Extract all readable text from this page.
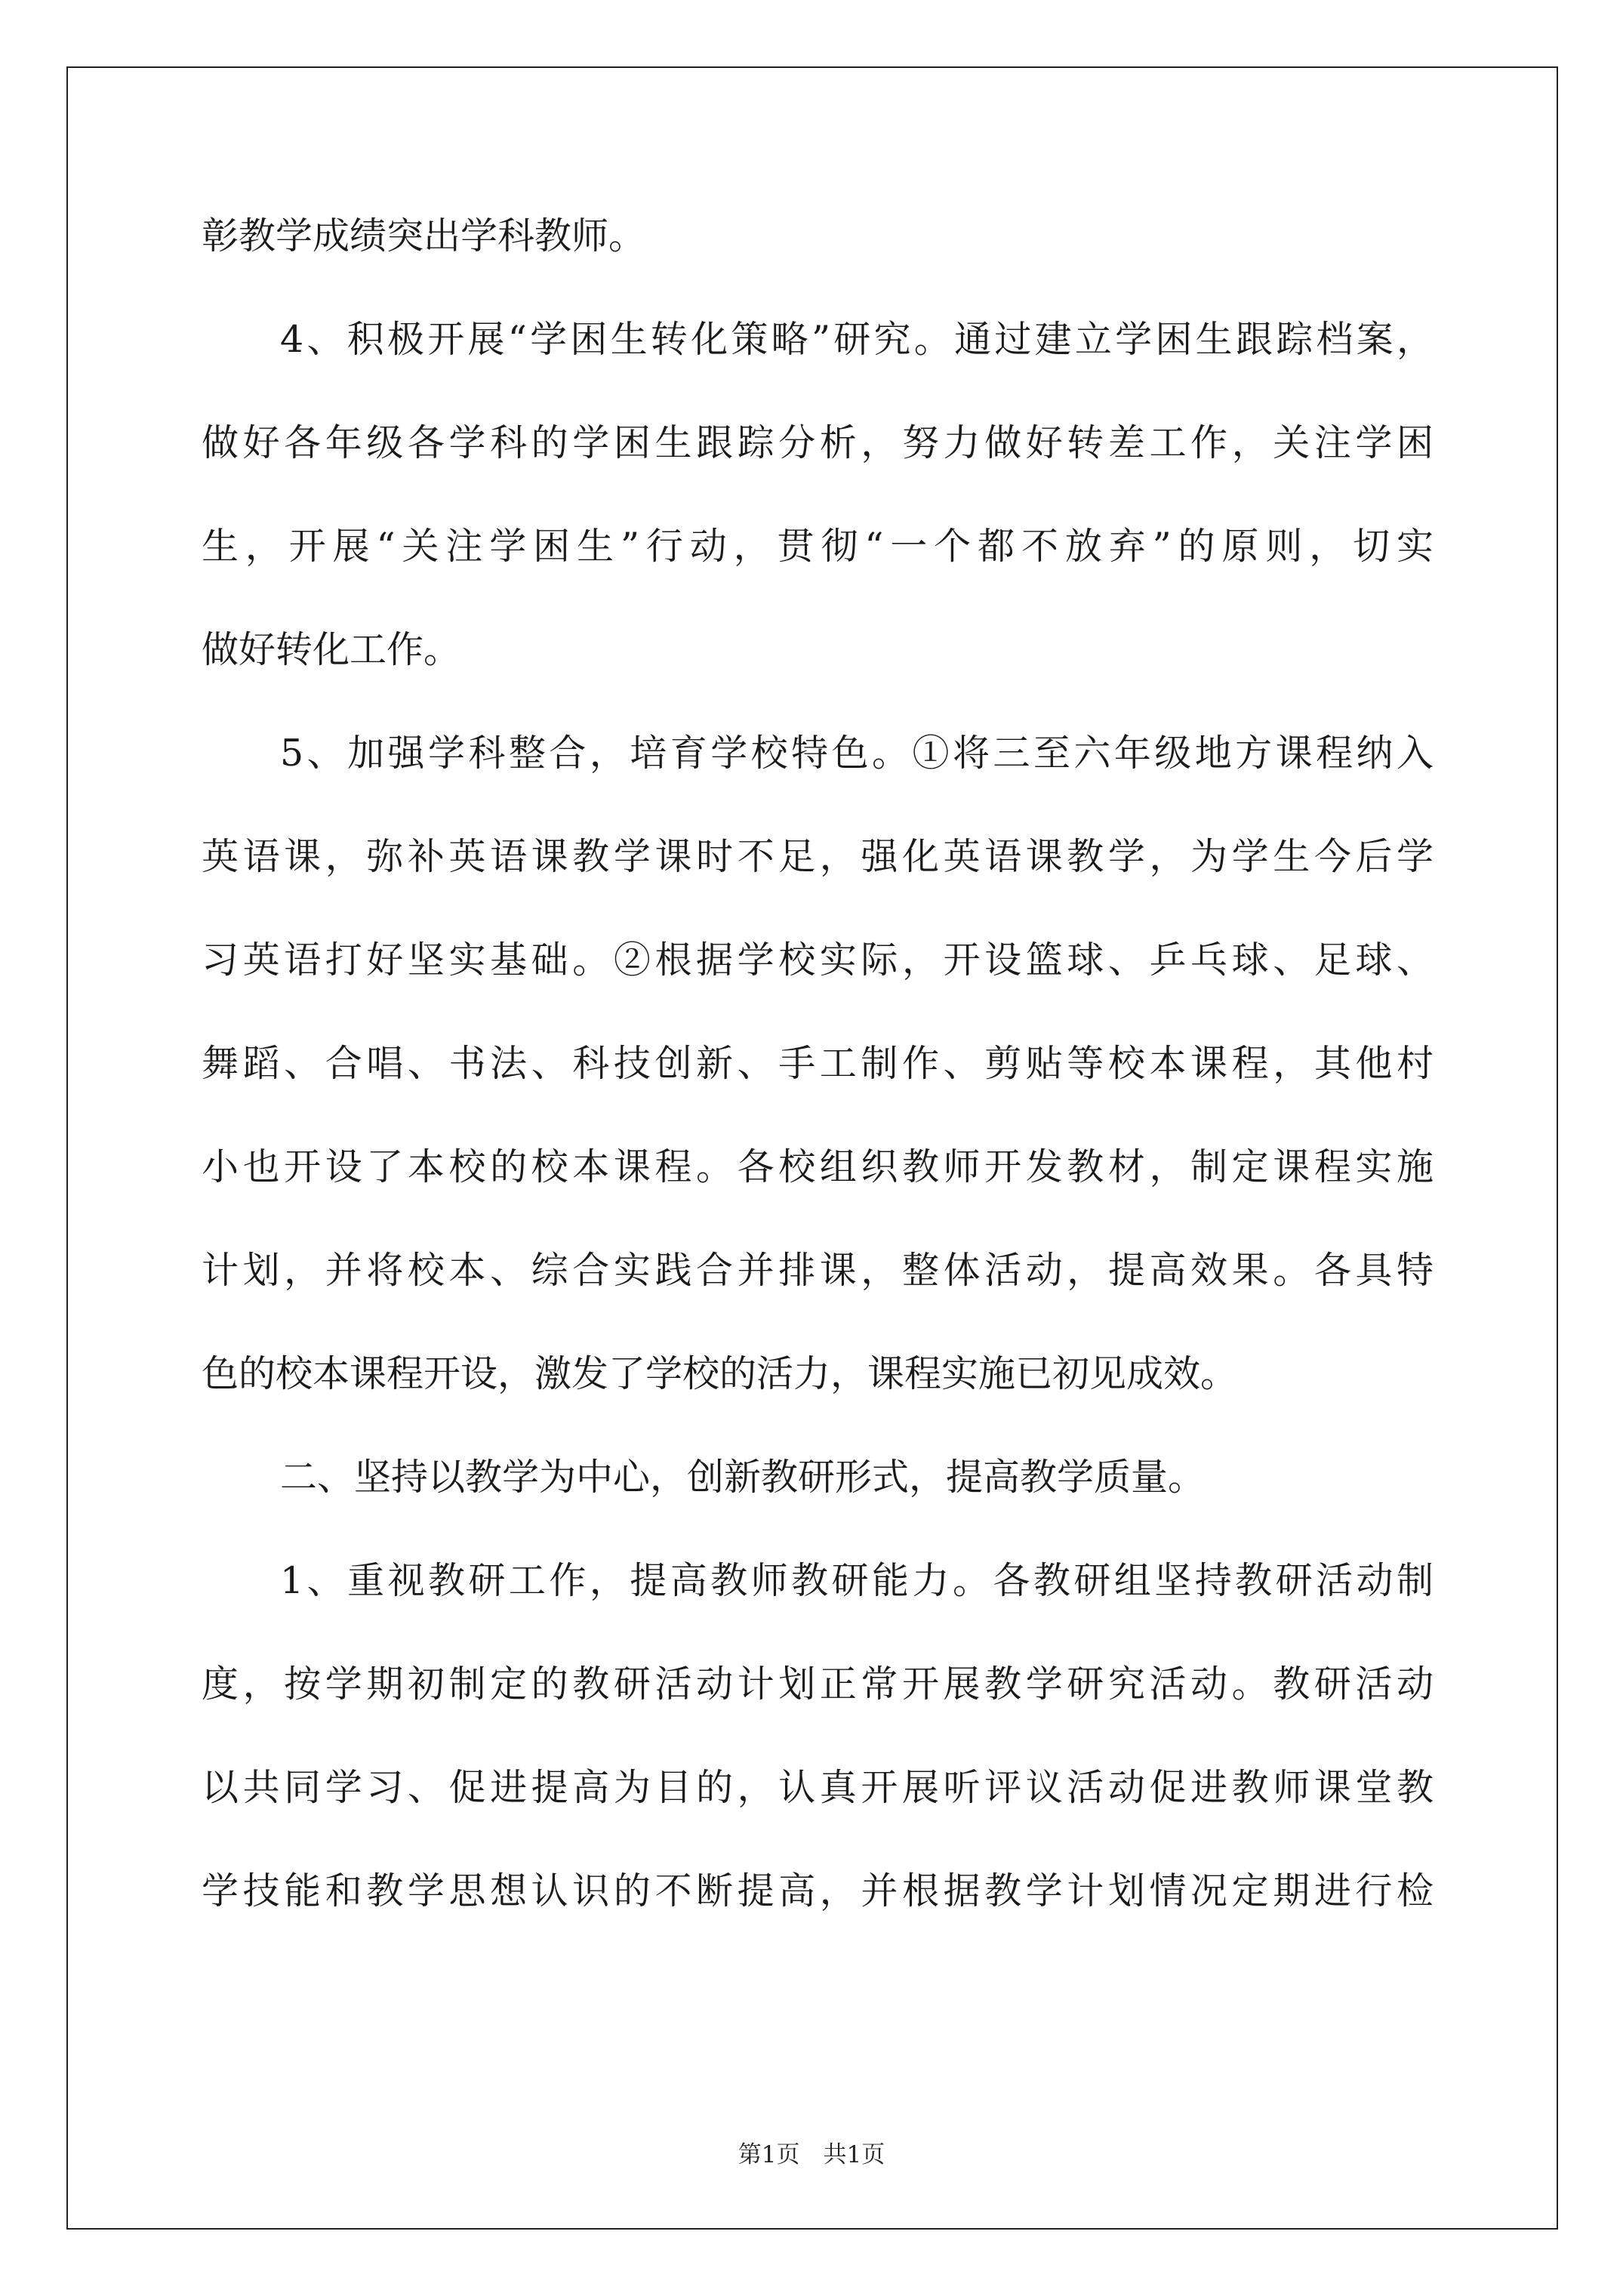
彰教学成绩突出学科教师。
4、积极开展“学困生转化策略”研究。通过建立学困生跟踪档案，
做好各年级各学科的学困生跟踪分析，努力做好转差工作，关注学困
生，开展“关注学困生”行动，贯彻“一个都不放弃”的原则，切实
做好转化工作。
5、加强学科整合，培育学校特色。①将三至六年级地方课程纳入
英语课，弥补英语课教学课时不足，强化英语课教学，为学生今后学
习英语打好坚实基础。②根据学校实际，开设篮球、乒乓球、足球、
舞蹈、合唱、书法、科技创新、手工制作、剪贴等校本课程，其他村
小也开设了本校的校本课程。各校组织教师开发教材，制定课程实施
计划，并将校本、综合实践合并排课，整体活动，提高效果。各具特
色的校本课程开设，激发了学校的活力，课程实施已初见成效。
二、坚持以教学为中心，创新教研形式，提高教学质量。
1、重视教研工作，提高教师教研能力。各教研组坚持教研活动制
度，按学期初制定的教研活动计划正常开展教学研究活动。教研活动
以共同学习、促进提高为目的，认真开展听评议活动促进教师课堂教
学技能和教学思想认识的不断提高，并根据教学计划情况定期进行检
第1页　共1页
